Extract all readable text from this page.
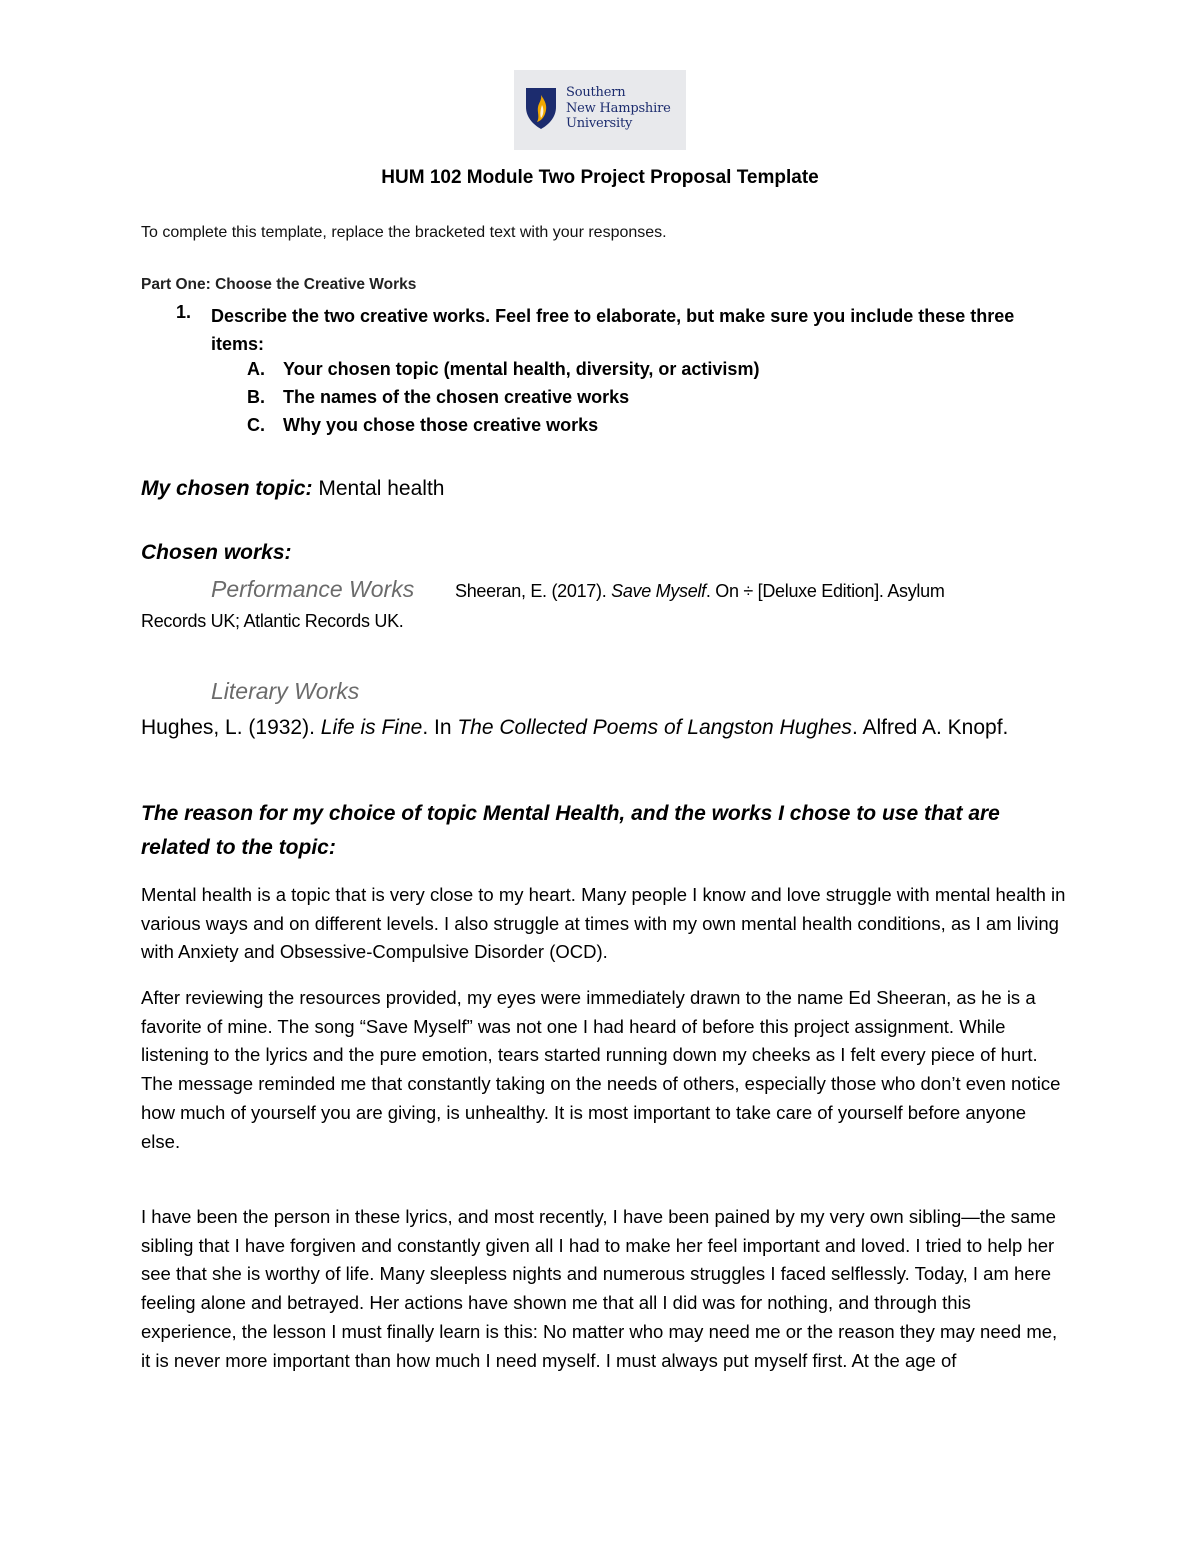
Southern
New Hampshire
University
HUM 102 Module Two Project Proposal Template
To complete this template, replace the bracketed text with your responses.
Part One: Choose the Creative Works
1. Describe the two creative works. Feel free to elaborate, but make sure you include these three items:
A. Your chosen topic (mental health, diversity, or activism)
B. The names of the chosen creative works
C. Why you chose those creative works
My chosen topic: Mental health
Chosen works:
Performance Works Sheeran, E. (2017). Save Myself. On ÷ [Deluxe Edition]. Asylum
Records UK; Atlantic Records UK.
Literary Works
Hughes, L. (1932). Life is Fine. In The Collected Poems of Langston Hughes. Alfred A. Knopf.
The reason for my choice of topic Mental Health, and the works I chose to use that are related to the topic:

Mental health is a topic that is very close to my heart. Many people I know and love struggle with mental health in various ways and on different levels. I also struggle at times with my own mental health conditions, as I am living with Anxiety and Obsessive-Compulsive Disorder (OCD).

After reviewing the resources provided, my eyes were immediately drawn to the name Ed Sheeran, as he is a favorite of mine. The song “Save Myself” was not one I had heard of before this project assignment. While listening to the lyrics and the pure emotion, tears started running down my cheeks as I felt every piece of hurt. The message reminded me that constantly taking on the needs of others, especially those who don’t even notice how much of yourself you are giving, is unhealthy. It is most important to take care of yourself before anyone else.

I have been the person in these lyrics, and most recently, I have been pained by my very own sibling—the same sibling that I have forgiven and constantly given all I had to make her feel important and loved. I tried to help her see that she is worthy of life. Many sleepless nights and numerous struggles I faced selflessly. Today, I am here feeling alone and betrayed. Her actions have shown me that all I did was for nothing, and through this experience, the lesson I must finally learn is this: No matter who may need me or the reason they may need me, it is never more important than how much I need myself. I must always put myself first. At the age of
